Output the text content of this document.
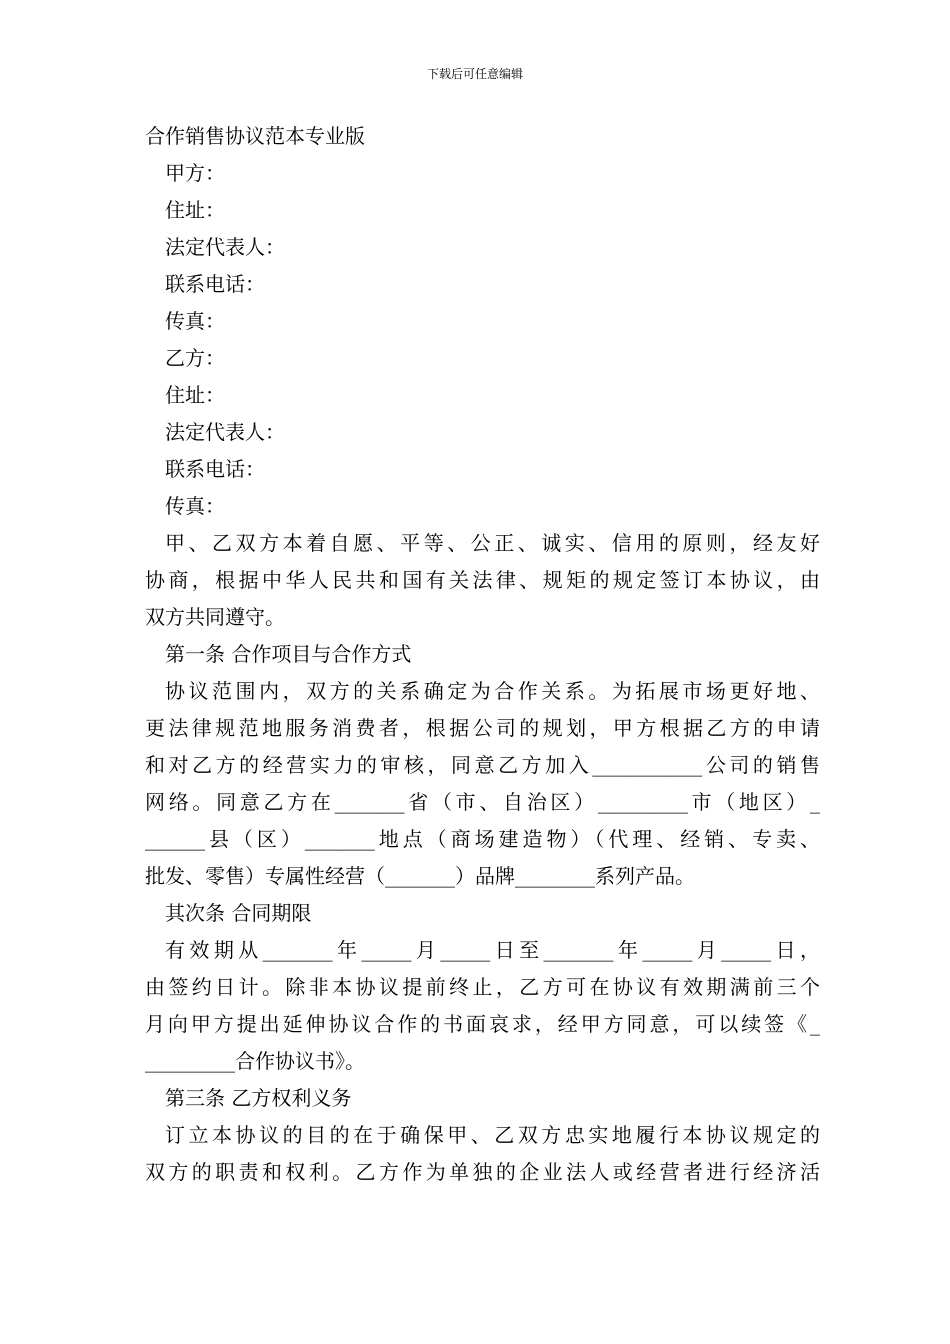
下载后可任意编辑
合作销售协议范本专业版
甲方：
住址：
法定代表人：
联系电话：
传真：
乙方：
住址：
法定代表人：
联系电话：
传真：
甲、乙双方本着自愿、平等、公正、诚实、信用的原则，经友好
协商，根据中华人民共和国有关法律、规矩的规定签订本协议，由
双方共同遵守。
第一条 合作项目与合作方式
协议范围内，双方的关系确定为合作关系。为拓展市场更好地、
更法律规范地服务消费者，根据公司的规划，甲方根据乙方的申请
和对乙方的经营实力的审核，同意乙方加入___________公司的销售
网络。同意乙方在_______省（市、自治区）_________市（地区）_
______县（区）_______地点（商场建造物）（代理、经销、专卖、
批发、零售）专属性经营（_______）品牌________系列产品。
其次条 合同期限
有效期从_______年_____月_____日至_______年_____月_____日，
由签约日计。除非本协议提前终止，乙方可在协议有效期满前三个
月向甲方提出延伸协议合作的书面哀求，经甲方同意，可以续签《_
_________合作协议书》。
第三条 乙方权利义务
订立本协议的目的在于确保甲、乙双方忠实地履行本协议规定的
双方的职责和权利。乙方作为单独的企业法人或经营者进行经济活
